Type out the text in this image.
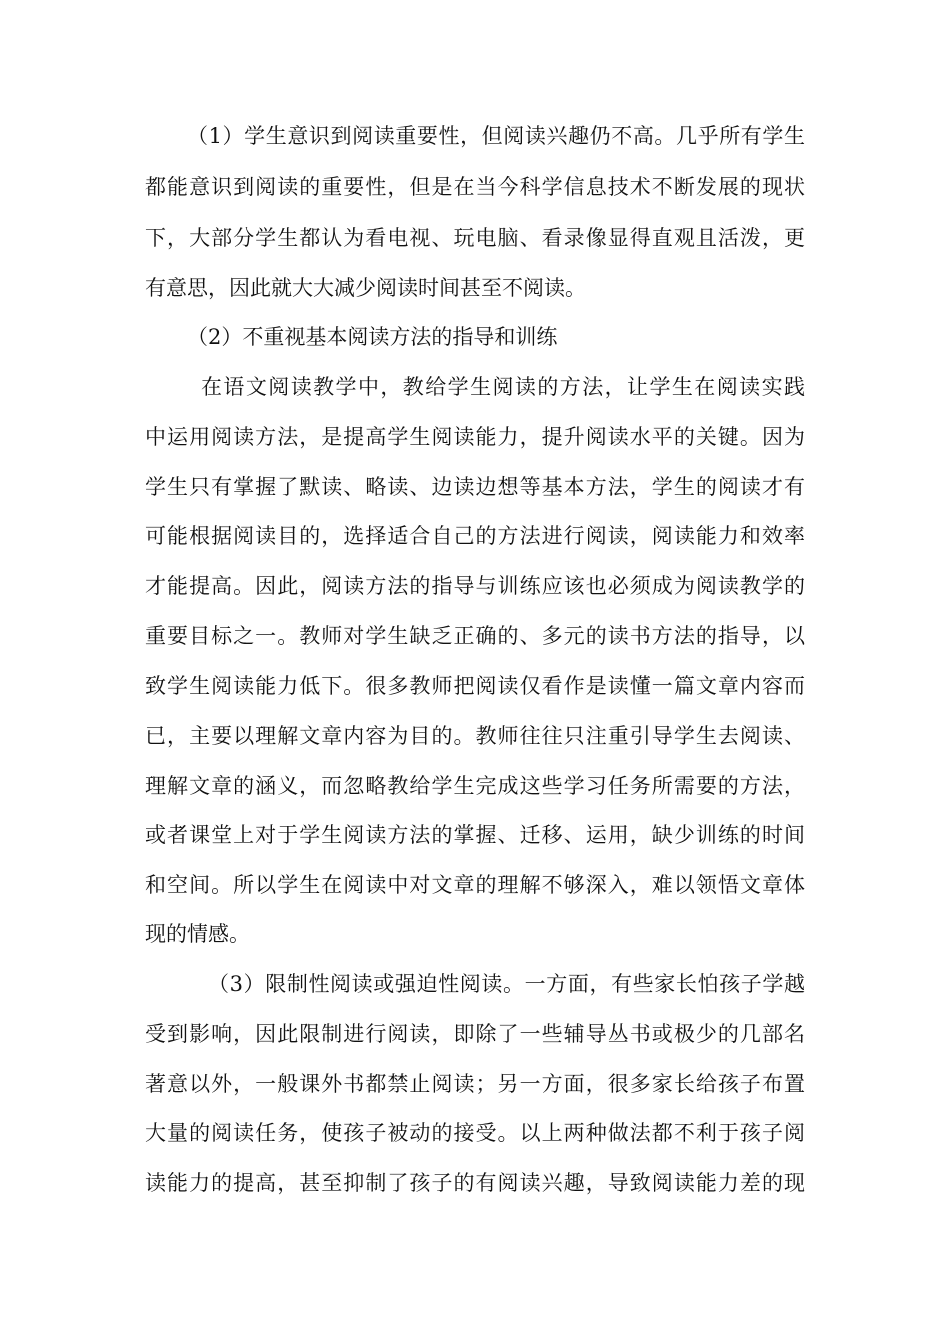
（1）学生意识到阅读重要性，但阅读兴趣仍不高。几乎所有学生
都能意识到阅读的重要性，但是在当今科学信息技术不断发展的现状
下，大部分学生都认为看电视、玩电脑、看录像显得直观且活泼，更
有意思，因此就大大减少阅读时间甚至不阅读。
（2）不重视基本阅读方法的指导和训练
在语文阅读教学中，教给学生阅读的方法，让学生在阅读实践
中运用阅读方法，是提高学生阅读能力，提升阅读水平的关键。因为
学生只有掌握了默读、略读、边读边想等基本方法，学生的阅读才有
可能根据阅读目的，选择适合自己的方法进行阅读，阅读能力和效率
才能提高。因此，阅读方法的指导与训练应该也必须成为阅读教学的
重要目标之一。教师对学生缺乏正确的、多元的读书方法的指导，以
致学生阅读能力低下。很多教师把阅读仅看作是读懂一篇文章内容而
已，主要以理解文章内容为目的。教师往往只注重引导学生去阅读、
理解文章的涵义，而忽略教给学生完成这些学习任务所需要的方法，
或者课堂上对于学生阅读方法的掌握、迁移、运用，缺少训练的时间
和空间。所以学生在阅读中对文章的理解不够深入，难以领悟文章体
现的情感。
（3）限制性阅读或强迫性阅读。一方面，有些家长怕孩子学越
受到影响，因此限制进行阅读，即除了一些辅导丛书或极少的几部名
著意以外，一般课外书都禁止阅读；另一方面，很多家长给孩子布置
大量的阅读任务，使孩子被动的接受。以上两种做法都不利于孩子阅
读能力的提高，甚至抑制了孩子的有阅读兴趣，导致阅读能力差的现
